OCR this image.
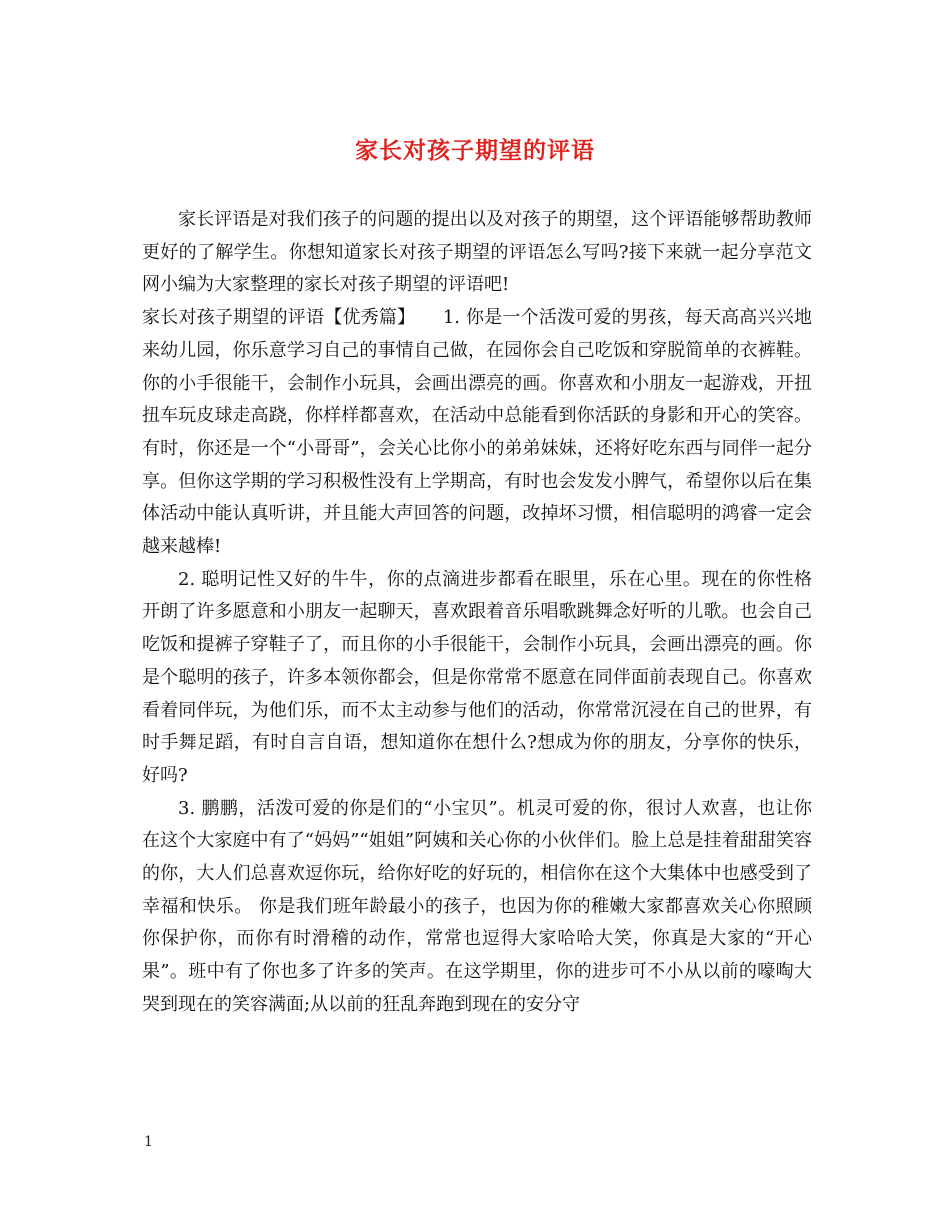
家长对孩子期望的评语

家长评语是对我们孩子的问题的提出以及对孩子的期望，这个评语能够帮助教师更好的了解学生。你想知道家长对孩子期望的评语怎么写吗?接下来就一起分享范文网小编为大家整理的家长对孩子期望的评语吧!

家长对孩子期望的评语【优秀篇】　　1. 你是一个活泼可爱的男孩，每天高高兴兴地来幼儿园，你乐意学习自己的事情自己做，在园你会自己吃饭和穿脱简单的衣裤鞋。你的小手很能干，会制作小玩具，会画出漂亮的画。你喜欢和小朋友一起游戏，开扭扭车玩皮球走高跷，你样样都喜欢，在活动中总能看到你活跃的身影和开心的笑容。有时，你还是一个“小哥哥”，会关心比你小的弟弟妹妹，还将好吃东西与同伴一起分享。但你这学期的学习积极性没有上学期高，有时也会发发小脾气，希望你以后在集体活动中能认真听讲，并且能大声回答的问题，改掉坏习惯，相信聪明的鸿睿一定会越来越棒!

2. 聪明记性又好的牛牛，你的点滴进步都看在眼里，乐在心里。现在的你性格开朗了许多愿意和小朋友一起聊天，喜欢跟着音乐唱歌跳舞念好听的儿歌。也会自己吃饭和提裤子穿鞋子了，而且你的小手很能干，会制作小玩具，会画出漂亮的画。你是个聪明的孩子，许多本领你都会，但是你常常不愿意在同伴面前表现自己。你喜欢看着同伴玩，为他们乐，而不太主动参与他们的活动，你常常沉浸在自己的世界，有时手舞足蹈，有时自言自语，想知道你在想什么?想成为你的朋友，分享你的快乐，好吗?

3. 鹏鹏，活泼可爱的你是们的“小宝贝”。机灵可爱的你，很讨人欢喜，也让你在这个大家庭中有了“妈妈”“姐姐”阿姨和关心你的小伙伴们。脸上总是挂着甜甜笑容的你，大人们总喜欢逗你玩，给你好吃的好玩的，相信你在这个大集体中也感受到了幸福和快乐。 你是我们班年龄最小的孩子，也因为你的稚嫩大家都喜欢关心你照顾你保护你，而你有时滑稽的动作，常常也逗得大家哈哈大笑，你真是大家的“开心果”。班中有了你也多了许多的笑声。在这学期里，你的进步可不小从以前的嚎啕大哭到现在的笑容满面;从以前的狂乱奔跑到现在的安分守

1
